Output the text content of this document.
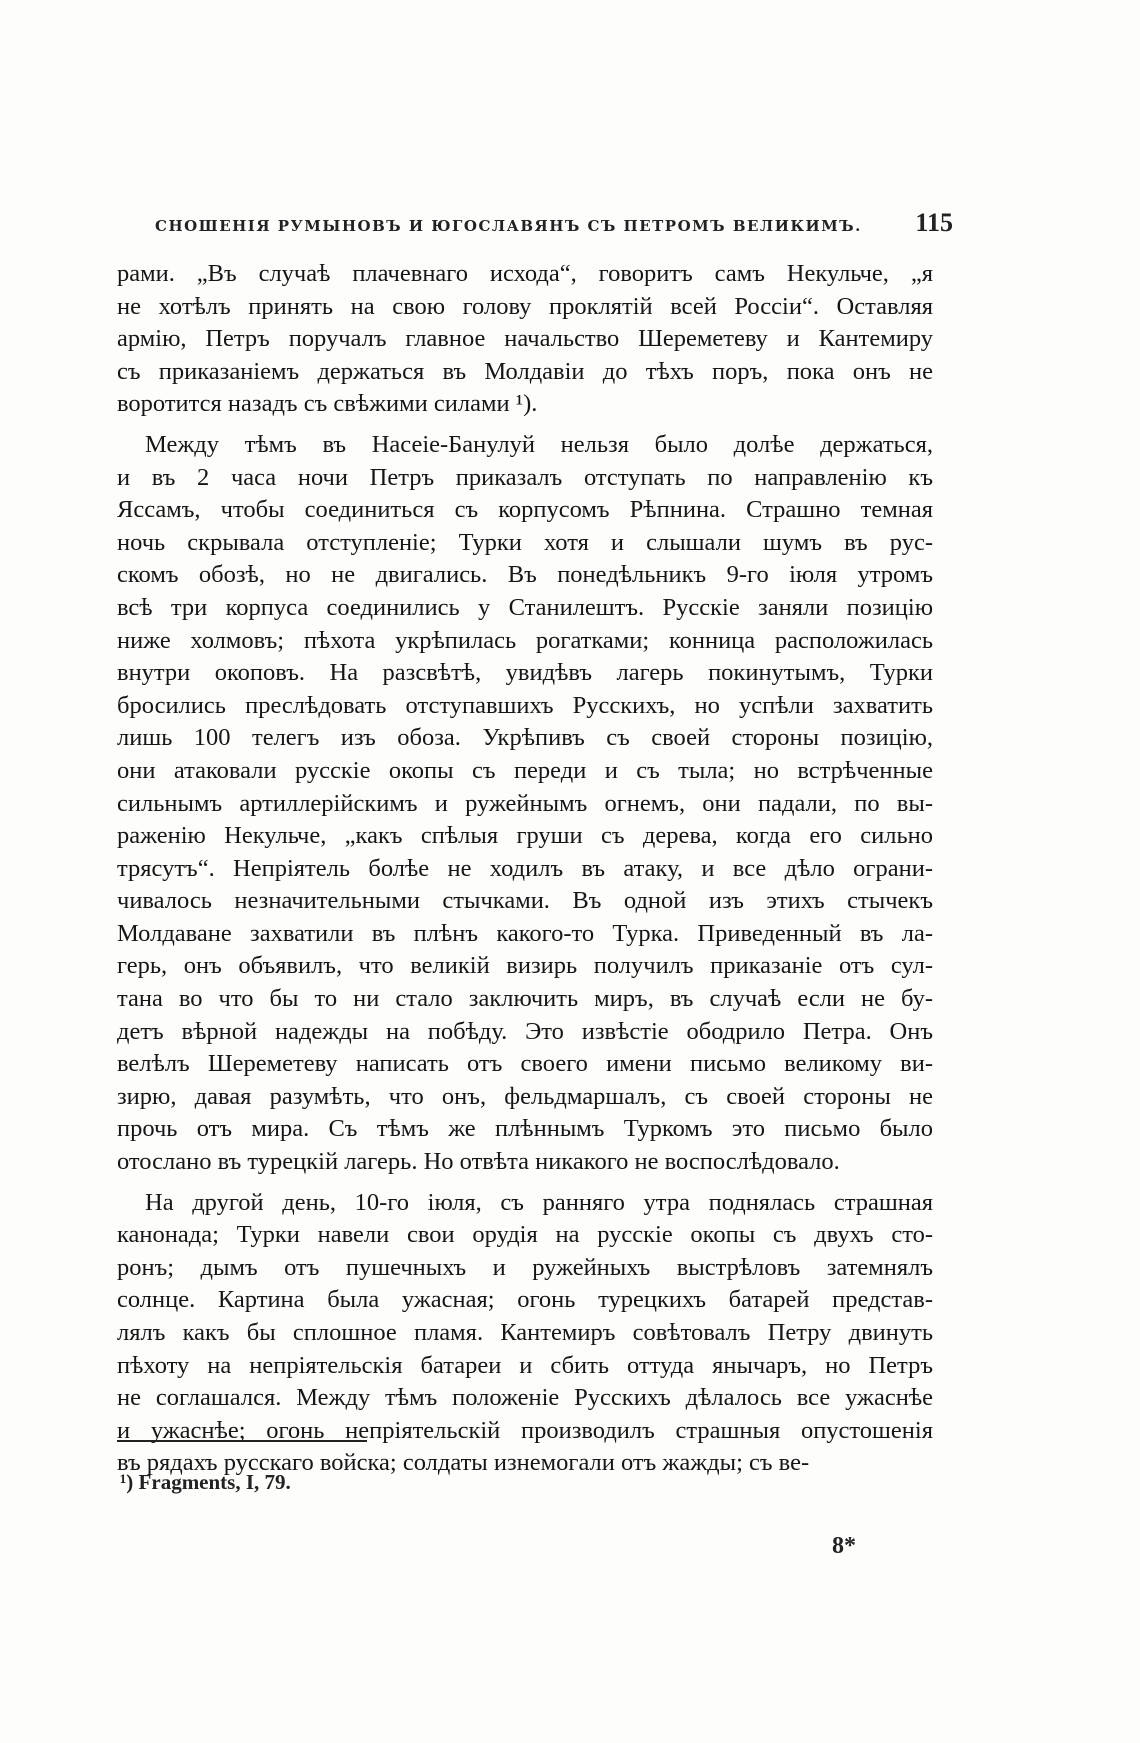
СНОШЕНІЯ РУМЫНОВЪ И ЮГОСЛАВЯНЪ СЪ ПЕТРОМЪ ВЕЛИКИМЪ. 115
рами. „Въ случаѣ плачевнаго исхода“, говоритъ самъ Некульче, „я
не хотѣлъ принять на свою голову проклятій всей Россіи“. Оставляя
армію, Петръ поручалъ главное начальство Шереметеву и Кантемиру
съ приказаніемъ держаться въ Молдавіи до тѣхъ поръ, пока онъ не
воротится назадъ съ свѣжими силами ¹).
Между тѣмъ въ Насеіе-Банулуй нельзя было долѣе держаться,
и въ 2 часа ночи Петръ приказалъ отступать по направленію къ
Яссамъ, чтобы соединиться съ корпусомъ Рѣпнина. Страшно темная
ночь скрывала отступленіе; Турки хотя и слышали шумъ въ рус-
скомъ обозѣ, но не двигались. Въ понедѣльникъ 9-го іюля утромъ
всѣ три корпуса соединились у Станилештъ. Русскіе заняли позицію
ниже холмовъ; пѣхота укрѣпилась рогатками; конница расположилась
внутри окоповъ. На разсвѣтѣ, увидѣвъ лагерь покинутымъ, Турки
бросились преслѣдовать отступавшихъ Русскихъ, но успѣли захватить
лишь 100 телегъ изъ обоза. Укрѣпивъ съ своей стороны позицію,
они атаковали русскіе окопы съ переди и съ тыла; но встрѣченные
сильнымъ артиллерійскимъ и ружейнымъ огнемъ, они падали, по вы-
раженію Некульче, „какъ спѣлыя груши съ дерева, когда его сильно
трясутъ“. Непріятель болѣе не ходилъ въ атаку, и все дѣло ограни-
чивалось незначительными стычками. Въ одной изъ этихъ стычекъ
Молдаване захватили въ плѣнъ какого-то Турка. Приведенный въ ла-
герь, онъ объявилъ, что великій визирь получилъ приказаніе отъ сул-
тана во что бы то ни стало заключить миръ, въ случаѣ если не бу-
детъ вѣрной надежды на побѣду. Это извѣстіе ободрило Петра. Онъ
велѣлъ Шереметеву написать отъ своего имени письмо великому ви-
зирю, давая разумѣть, что онъ, фельдмаршалъ, съ своей стороны не
прочь отъ мира. Съ тѣмъ же плѣннымъ Туркомъ это письмо было
отослано въ турецкій лагерь. Но отвѣта никакого не воспослѣдовало.
На другой день, 10-го іюля, съ ранняго утра поднялась страшная
канонада; Турки навели свои орудія на русскіе окопы съ двухъ сто-
ронъ; дымъ отъ пушечныхъ и ружейныхъ выстрѣловъ затемнялъ
солнце. Картина была ужасная; огонь турецкихъ батарей представ-
лялъ какъ бы сплошное пламя. Кантемиръ совѣтовалъ Петру двинуть
пѣхоту на непріятельскія батареи и сбить оттуда янычаръ, но Петръ
не соглашался. Между тѣмъ положеніе Русскихъ дѣлалось все ужаснѣе
и ужаснѣе; огонь непріятельскій производилъ страшныя опустошенія
въ рядахъ русскаго войска; солдаты изнемогали отъ жажды; съ ве-
¹) Fragments, I, 79.
8*
